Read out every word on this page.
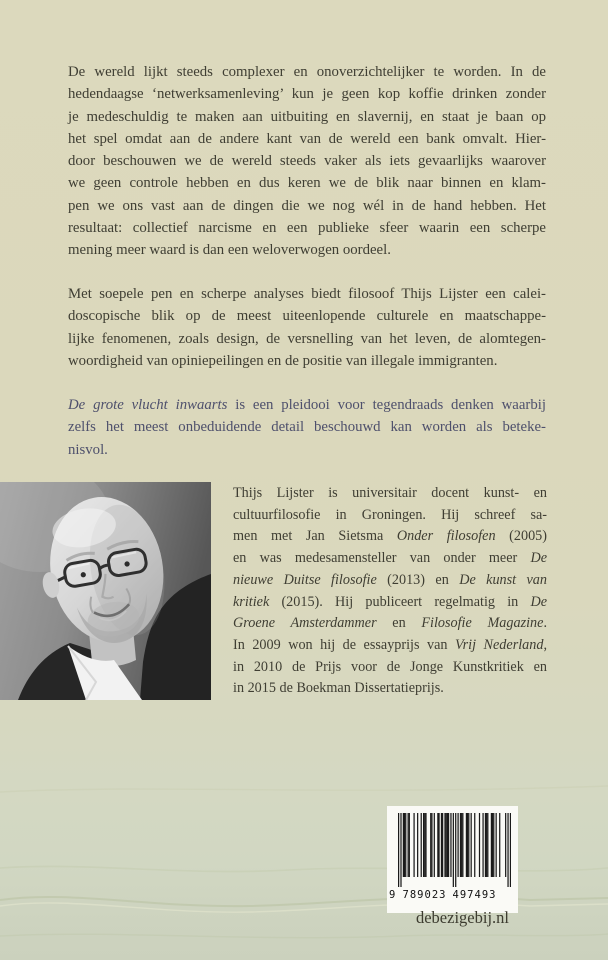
De wereld lijkt steeds complexer en onoverzichtelijker te worden. In de
hedendaagse ‘netwerksamenleving’ kun je geen kop koffie drinken zonder
je medeschuldig te maken aan uitbuiting en slavernij, en staat je baan op
het spel omdat aan de andere kant van de wereld een bank omvalt. Hier-
door beschouwen we de wereld steeds vaker als iets gevaarlijks waarover
we geen controle hebben en dus keren we de blik naar binnen en klam-
pen we ons vast aan de dingen die we nog wél in de hand hebben. Het
resultaat: collectief narcisme en een publieke sfeer waarin een scherpe
mening meer waard is dan een weloverwogen oordeel.
Met soepele pen en scherpe analyses biedt filosoof Thijs Lijster een calei-
doscopische blik op de meest uiteenlopende culturele en maatschappe-
lijke fenomenen, zoals design, de versnelling van het leven, de alomtegen-
woordigheid van opiniepeilingen en de positie van illegale immigranten.
De grote vlucht inwaarts is een pleidooi voor tegendraads denken waarbij
zelfs het meest onbeduidende detail beschouwd kan worden als beteke-
nisvol.
Thijs Lijster is universitair docent kunst- en
cultuurfilosofie in Groningen. Hij schreef sa-
men met Jan Sietsma Onder filosofen (2005)
en was medesamensteller van onder meer De
nieuwe Duitse filosofie (2013) en De kunst van
kritiek (2015). Hij publiceert regelmatig in De
Groene Amsterdammer en Filosofie Magazine.
In 2009 won hij de essayprijs van Vrij Nederland,
in 2010 de Prijs voor de Jonge Kunstkritiek en
in 2015 de Boekman Dissertatieprijs.
9 789023 497493
debezigebij.nl
